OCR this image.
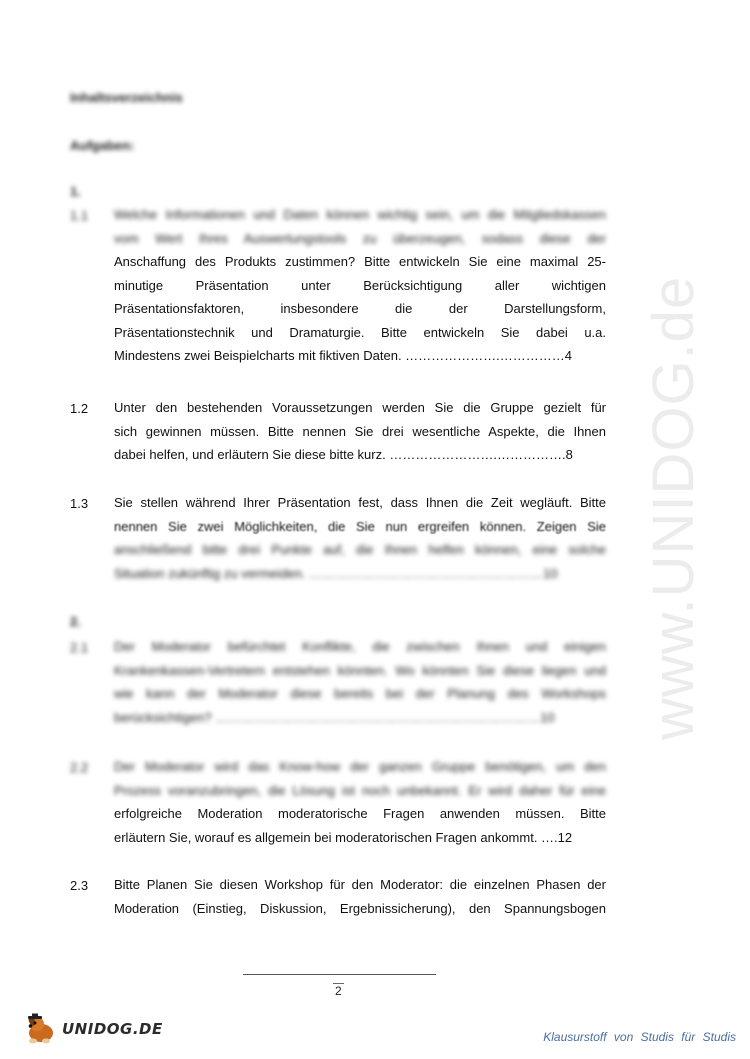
www.UNIDOG.de
Inhaltsverzeichnis
Aufgaben:
1.
1.1 Welche Informationen und Daten können wichtig sein, um die Mitgliedskassen
vom Wert Ihres Auswertungstools zu überzeugen, sodass diese der
Anschaffung des Produkts zustimmen? Bitte entwickeln Sie eine maximal 25-
minutige Präsentation unter Berücksichtigung aller wichtigen
Präsentationsfaktoren, insbesondere die der Darstellungsform,
Präsentationstechnik und Dramaturgie. Bitte entwickeln Sie dabei u.a.
Mindestens zwei Beispielcharts mit fiktiven Daten. ………………….……………4
1.2 Unter den bestehenden Voraussetzungen werden Sie die Gruppe gezielt für
sich gewinnen müssen. Bitte nennen Sie drei wesentliche Aspekte, die Ihnen
dabei helfen, und erläutern Sie diese bitte kurz. …………………….…………….8
1.3 Sie stellen während Ihrer Präsentation fest, dass Ihnen die Zeit wegläuft. Bitte
nennen Sie zwei Möglichkeiten, die Sie nun ergreifen können. Zeigen Sie
anschließend bitte drei Punkte auf, die Ihnen helfen können, eine solche
Situation zukünftig zu vermeiden. ………………………………………………10
2.
2.1 Der Moderator befürchtet Konflikte, die zwischen Ihnen und einigen
Krankenkassen-Vertretern entstehen könnten. Wo könnten Sie diese liegen und
wie kann der Moderator diese bereits bei der Planung des Workshops
berücksichtigen? …………………………………………………………………10
2.2 Der Moderator wird das Know-how der ganzen Gruppe benötigen, um den
Prozess voranzubringen, die Lösung ist noch unbekannt. Er wird daher für eine
erfolgreiche Moderation moderatorische Fragen anwenden müssen. Bitte
erläutern Sie, worauf es allgemein bei moderatorischen Fragen ankommt. ….12
2.3 Bitte Planen Sie diesen Workshop für den Moderator: die einzelnen Phasen der
Moderation (Einstieg, Diskussion, Ergebnissicherung), den Spannungsbogen
2
UNIDOG.DE	Klausurstoff von Studis für Studis
